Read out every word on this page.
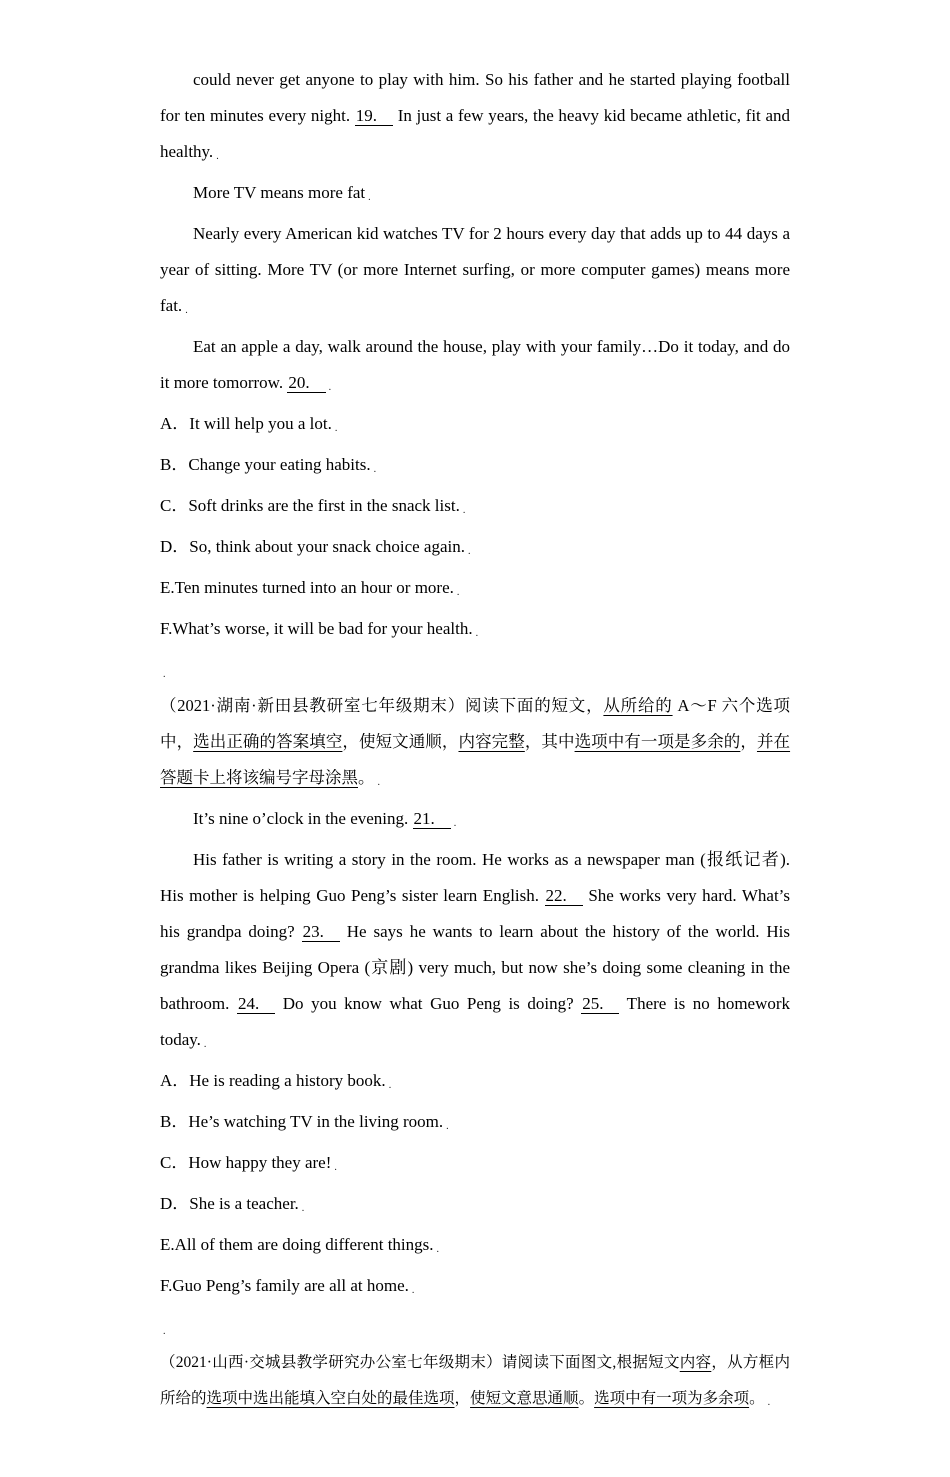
could never get anyone to play with him. So his father and he started playing football for ten minutes every night. 19. In just a few years, the heavy kid became athletic, fit and healthy. .

More TV means more fat .

Nearly every American kid watches TV for 2 hours every day that adds up to 44 days a year of sitting. More TV (or more Internet surfing, or more computer games) means more fat. .

Eat an apple a day, walk around the house, play with your family…Do it today, and do it more tomorrow. 20. .

A．It will help you a lot. .

B．Change your eating habits. .

C．Soft drinks are the first in the snack list. .

D．So, think about your snack choice again. .

E.Ten minutes turned into an hour or more. .

F.What’s worse, it will be bad for your health. .

.

（2021·湖南·新田县教研室七年级期末）阅读下面的短文，从所给的 A～F 六个选项中，选出正确的答案填空，使短文通顺，内容完整，其中选项中有一项是多余的，并在答题卡上将该编号字母涂黑。 .

It’s nine o’clock in the evening. 21. .

His father is writing a story in the room. He works as a newspaper man (报纸记者). His mother is helping Guo Peng’s sister learn English. 22. She works very hard. What’s his grandpa doing? 23. He says he wants to learn about the history of the world. His grandma likes Beijing Opera (京剧) very much, but now she’s doing some cleaning in the bathroom. 24. Do you know what Guo Peng is doing? 25. There is no homework today. .

A．He is reading a history book. .

B．He’s watching TV in the living room. .

C．How happy they are! .

D．She is a teacher. .

E.All of them are doing different things. .

F.Guo Peng’s family are all at home. .

.

（2021·山西·交城县教学研究办公室七年级期末）请阅读下面图文,根据短文内容，从方框内所给的选项中选出能填入空白处的最佳选项，使短文意思通顺。选项中有一项为多余项。 .
